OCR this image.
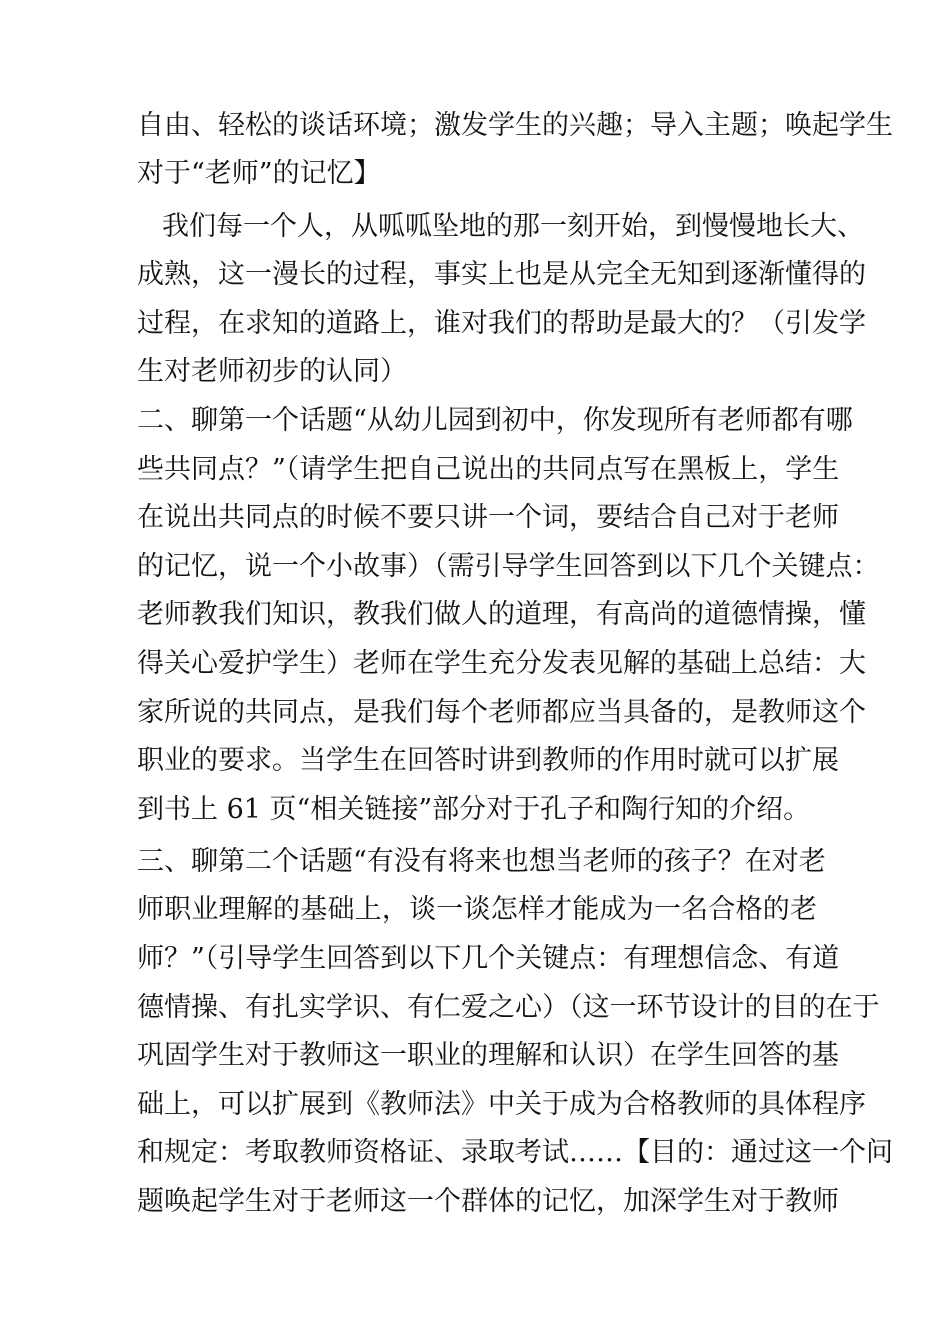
自由、轻松的谈话环境；激发学生的兴趣；导入主题；唤起学生
对于“老师”的记忆】
我们每一个人，从呱呱坠地的那一刻开始，到慢慢地长大、
成熟，这一漫长的过程，事实上也是从完全无知到逐渐懂得的
过程，在求知的道路上，谁对我们的帮助是最大的？（引发学
生对老师初步的认同）
二、聊第一个话题“从幼儿园到初中，你发现所有老师都有哪
些共同点？”（请学生把自己说出的共同点写在黑板上，学生
在说出共同点的时候不要只讲一个词，要结合自己对于老师
的记忆，说一个小故事）（需引导学生回答到以下几个关键点：
老师教我们知识，教我们做人的道理，有高尚的道德情操，懂
得关心爱护学生）老师在学生充分发表见解的基础上总结：大
家所说的共同点，是我们每个老师都应当具备的，是教师这个
职业的要求。当学生在回答时讲到教师的作用时就可以扩展
到书上 61 页“相关链接”部分对于孔子和陶行知的介绍。
三、聊第二个话题“有没有将来也想当老师的孩子？在对老
师职业理解的基础上，谈一谈怎样才能成为一名合格的老
师？”（引导学生回答到以下几个关键点：有理想信念、有道
德情操、有扎实学识、有仁爱之心）（这一环节设计的目的在于
巩固学生对于教师这一职业的理解和认识）在学生回答的基
础上，可以扩展到《教师法》中关于成为合格教师的具体程序
和规定：考取教师资格证、录取考试……【目的：通过这一个问
题唤起学生对于老师这一个群体的记忆，加深学生对于教师
